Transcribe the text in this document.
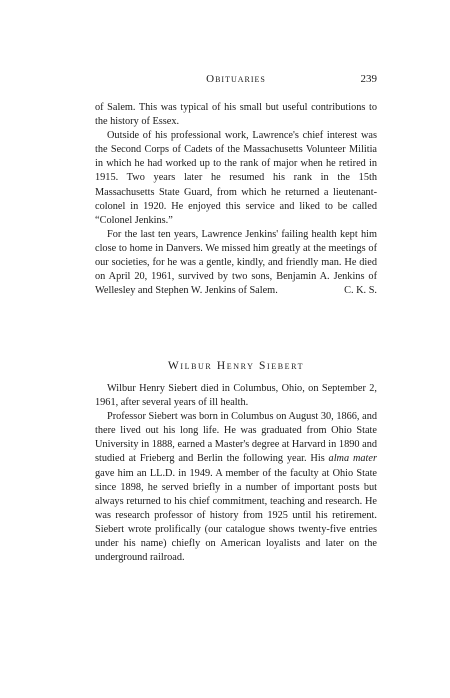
Obituaries	239

of Salem. This was typical of his small but useful contributions to the history of Essex.

Outside of his professional work, Lawrence's chief interest was the Second Corps of Cadets of the Massachusetts Volunteer Militia in which he had worked up to the rank of major when he retired in 1915. Two years later he resumed his rank in the 15th Massachusetts State Guard, from which he returned a lieutenant-colonel in 1920. He enjoyed this service and liked to be called “Colonel Jenkins.”

For the last ten years, Lawrence Jenkins' failing health kept him close to home in Danvers. We missed him greatly at the meetings of our societies, for he was a gentle, kindly, and friendly man. He died on April 20, 1961, survived by two sons, Benjamin A. Jenkins of Wellesley and Stephen W. Jenkins of Salem.	C. K. S.

Wilbur Henry Siebert

Wilbur Henry Siebert died in Columbus, Ohio, on September 2, 1961, after several years of ill health.

Professor Siebert was born in Columbus on August 30, 1866, and there lived out his long life. He was graduated from Ohio State University in 1888, earned a Master's degree at Harvard in 1890 and studied at Frieberg and Berlin the following year. His alma mater gave him an LL.D. in 1949. A member of the faculty at Ohio State since 1898, he served briefly in a number of important posts but always returned to his chief commitment, teaching and research. He was research professor of history from 1925 until his retirement. Siebert wrote prolifically (our catalogue shows twenty-five entries under his name) chiefly on American loyalists and later on the underground railroad.
